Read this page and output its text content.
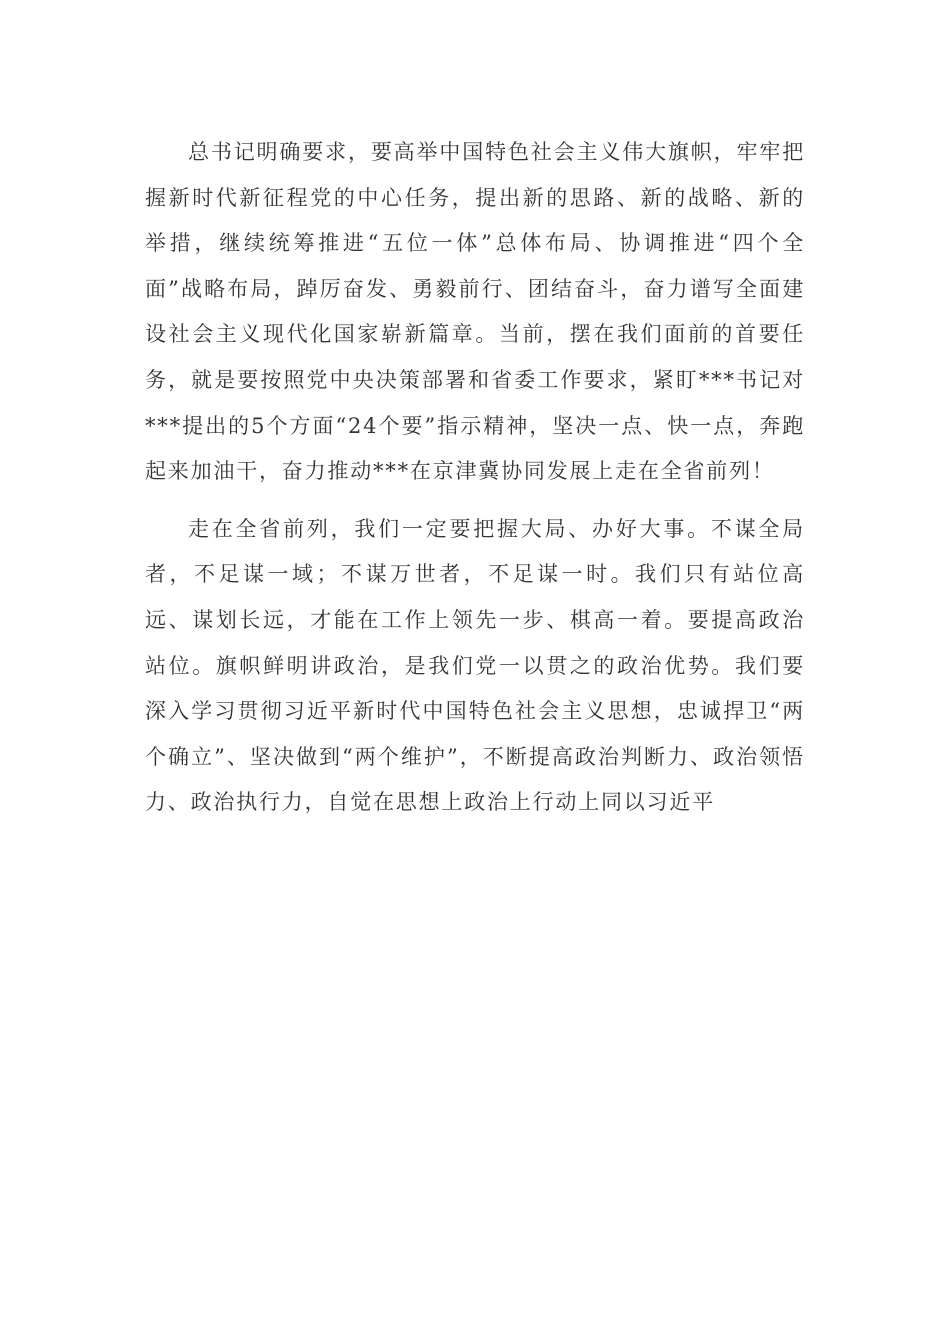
总书记明确要求，要高举中国特色社会主义伟大旗帜，牢牢把握新时代新征程党的中心任务，提出新的思路、新的战略、新的举措，继续统筹推进“五位一体”总体布局、协调推进“四个全面”战略布局，踔厉奋发、勇毅前行、团结奋斗，奋力谱写全面建设社会主义现代化国家崭新篇章。当前，摆在我们面前的首要任务，就是要按照党中央决策部署和省委工作要求，紧盯***书记对***提出的5个方面“24个要”指示精神，坚决一点、快一点，奔跑起来加油干，奋力推动***在京津冀协同发展上走在全省前列！

走在全省前列，我们一定要把握大局、办好大事。不谋全局者，不足谋一域；不谋万世者，不足谋一时。我们只有站位高远、谋划长远，才能在工作上领先一步、棋高一着。要提高政治站位。旗帜鲜明讲政治，是我们党一以贯之的政治优势。我们要深入学习贯彻习近平新时代中国特色社会主义思想，忠诚捍卫“两个确立”、坚决做到“两个维护”，不断提高政治判断力、政治领悟力、政治执行力，自觉在思想上政治上行动上同以习近平
